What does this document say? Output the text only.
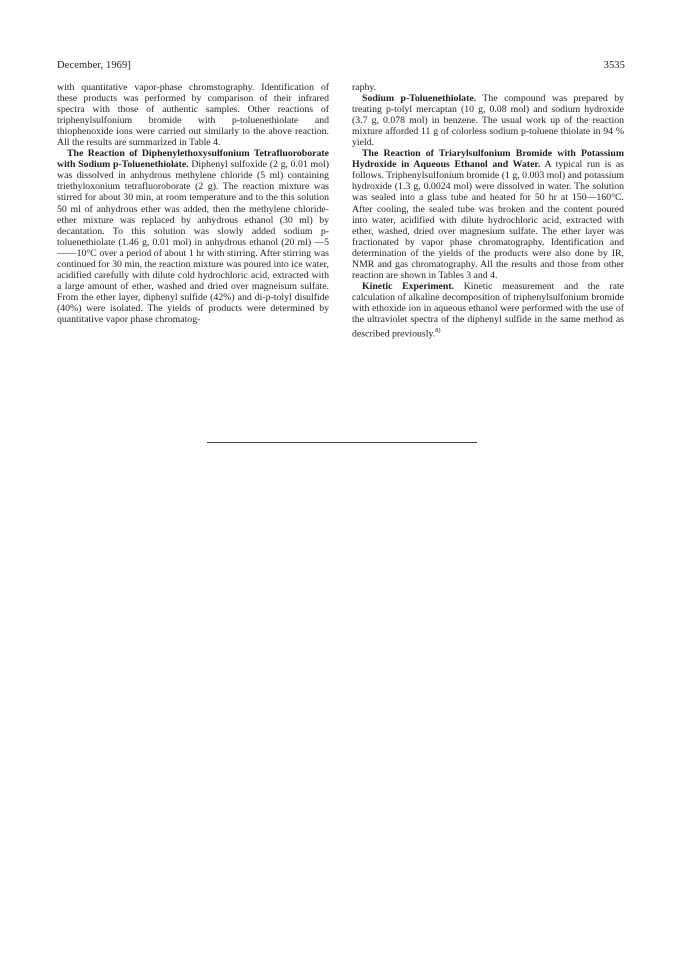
December, 1969]	3535

with quantitative vapor-phase chromstography. Identification of these products was performed by comparison of their infrared spectra with those of authentic samples. Other reactions of triphenylsulfonium bromide with p-toluenethiolate and thiophenoxide ions were carried out similarly to the above reaction. All the results are summarized in Table 4.

The Reaction of Diphenylethoxysulfonium Tetrafluoroborate with Sodium p-Toluenethiolate. Diphenyl sulfoxide (2 g, 0.01 mol) was dissolved in anhydrous methylene chloride (5 ml) containing triethyloxonium tetrafluoroborate (2 g). The reaction mixture was stirred for about 30 min, at room temperature and to the this solution 50 ml of anhydrous ether was added, then the methylene chloride-ether mixture was replaced by anhydrous ethanol (30 ml) by decantation. To this solution was slowly added sodium p-toluenethiolate (1.46 g, 0.01 mol) in anhydrous ethanol (20 ml) —5——10°C over a period of about 1 hr with stirring. After stirring was continued for 30 min, the reaction mixture was poured into ice water, acidified carefully with dilute cold hydrochloric acid, extracted with a large amount of ether, washed and dried over magneisum sulfate. From the ether layer, diphenyl sulfide (42%) and di-p-tolyl disulfide (40%) were isolated. The yields of products were determined by quantitative vapor phase chromatog-

raphy.

Sodium p-Toluenethiolate. The compound was prepared by treating p-tolyl mercaptan (10 g, 0.08 mol) and sodium hydroxide (3.7 g, 0.078 mol) in benzene. The usual work up of the reaction mixture afforded 11 g of colorless sodium p-toluene thiolate in 94 % yield.

The Reaction of Triarylsulfonium Bromide with Potassium Hydroxide in Aqueous Ethanol and Water. A typical run is as follows. Triphenylsulfonium bromide (1 g, 0.003 mol) and potassium hydroxide (1.3 g, 0.0024 mol) were dissolved in water. The solution was sealed into a glass tube and heated for 50 hr at 150—160°C. After cooling, the sealed tube was broken and the content poured into water, acidified with dilute hydrochloric acid, extracted with ether, washed, dried over magnesium sulfate. The ether layer was fractionated by vapor phase chromatography. Identification and determination of the yields of the products were also done by IR, NMR and gas chromatography. All the results and those from other reaction are shown in Tables 3 and 4.

Kinetic Experiment. Kinetic measurement and the rate calculation of alkaline decomposition of triphenylsulfonium bromide with ethoxide ion in aqueous ethanol were performed with the use of the ultraviolet spectra of the diphenyl sulfide in the same method as described previously.$^{8)}$
